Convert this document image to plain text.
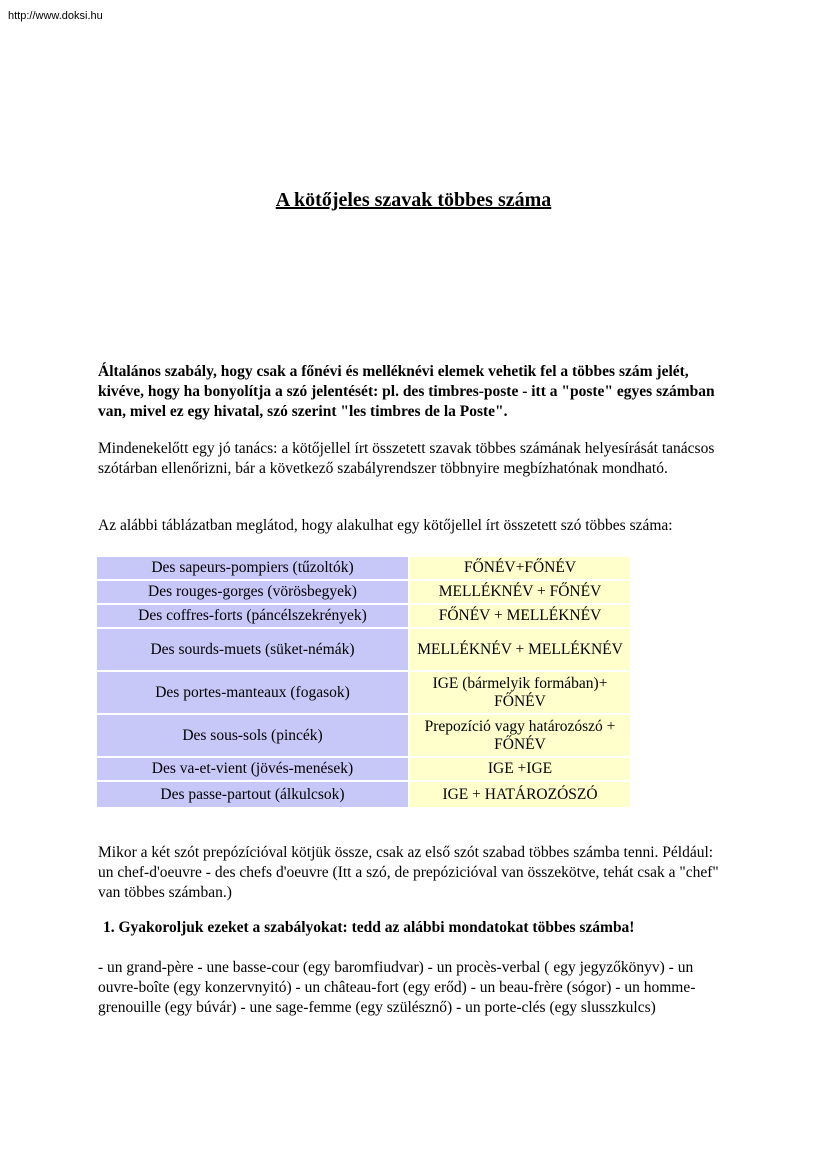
http://www.doksi.hu
A kötőjeles szavak többes száma

Általános szabály, hogy csak a főnévi és melléknévi elemek vehetik fel a többes szám jelét, kivéve, hogy ha bonyolítja a szó jelentését: pl. des timbres-poste - itt a "poste" egyes számban van, mivel ez egy hivatal, szó szerint "les timbres de la Poste".

Mindenekelőtt egy jó tanács: a kötőjellel írt összetett szavak többes számának helyesírását tanácsos szótárban ellenőrizni, bár a következő szabályrendszer többnyire megbízhatónak mondható.

Az alábbi táblázatban meglátod, hogy alakulhat egy kötőjellel írt összetett szó többes száma:

Des sapeurs-pompiers (tűzoltók)	FŐNÉV+FŐNÉV
Des rouges-gorges (vörösbegyek)	MELLÉKNÉV + FŐNÉV
Des coffres-forts (páncélszekrények)	FŐNÉV + MELLÉKNÉV
Des sourds-muets (süket-némák)	MELLÉKNÉV + MELLÉKNÉV
Des portes-manteaux (fogasok)	IGE (bármelyik formában)+ FŐNÉV
Des sous-sols (pincék)	Prepozíció vagy határozószó + FŐNÉV
Des va-et-vient (jövés-menések)	IGE +IGE
Des passe-partout (álkulcsok)	IGE + HATÁROZÓSZÓ

Mikor a két szót prepózícióval kötjük össze, csak az első szót szabad többes számba tenni. Például: un chef-d'oeuvre - des chefs d'oeuvre (Itt a szó, de prepózicióval van összekötve, tehát csak a "chef" van többes számban.)

1. Gyakoroljuk ezeket a szabályokat: tedd az alábbi mondatokat többes számba!

- un grand-père - une basse-cour (egy baromfiudvar) - un procès-verbal ( egy jegyzőkönyv) - un ouvre-boîte (egy konzervnyitó) - un château-fort (egy erőd) - un beau-frère (sógor) - un homme-grenouille (egy búvár) - une sage-femme (egy szülésznő) - un porte-clés (egy slusszkulcs)
